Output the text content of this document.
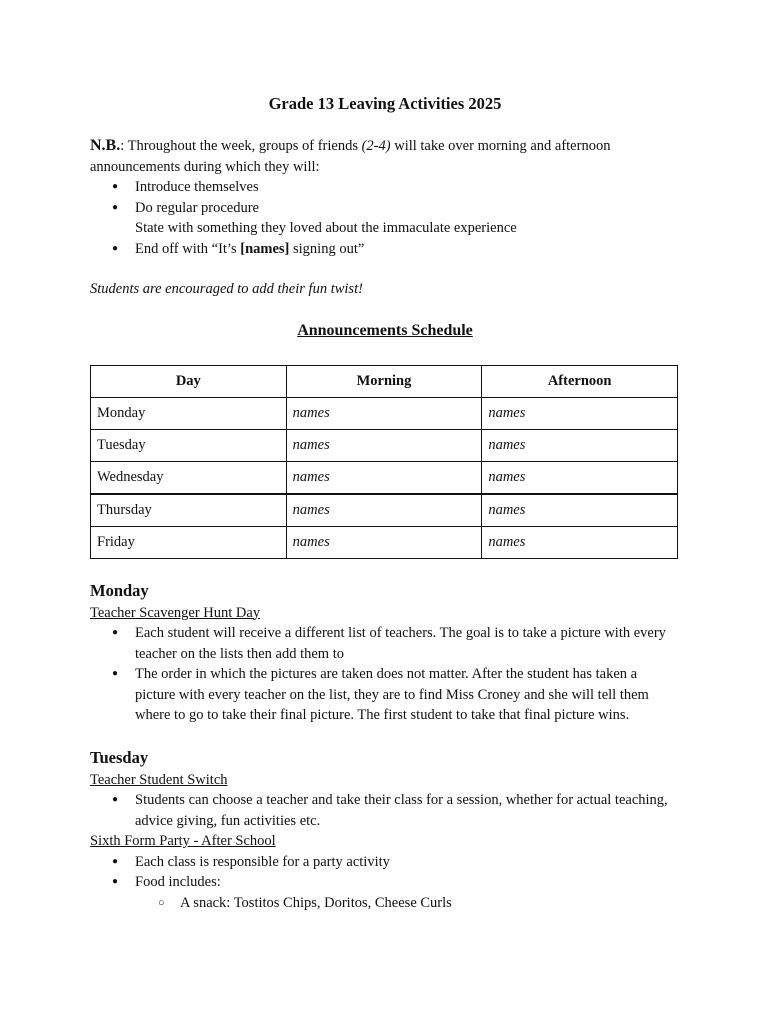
Grade 13 Leaving Activities 2025
N.B.: Throughout the week, groups of friends (2-4) will take over morning and afternoon announcements during which they will:
● Introduce themselves
● Do regular procedure
State with something they loved about the immaculate experience
● End off with “It’s [names] signing out”
Students are encouraged to add their fun twist!
Announcements Schedule
Day	Morning	Afternoon
Monday	names	names
Tuesday	names	names
Wednesday	names	names
Thursday	names	names
Friday	names	names
Monday
Teacher Scavenger Hunt Day
● Each student will receive a different list of teachers. The goal is to take a picture with every teacher on the lists then add them to
● The order in which the pictures are taken does not matter. After the student has taken a picture with every teacher on the list, they are to find Miss Croney and she will tell them where to go to take their final picture. The first student to take that final picture wins.
Tuesday
Teacher Student Switch
● Students can choose a teacher and take their class for a session, whether for actual teaching, advice giving, fun activities etc.
Sixth Form Party - After School
● Each class is responsible for a party activity
● Food includes:
○ A snack: Tostitos Chips, Doritos, Cheese Curls
